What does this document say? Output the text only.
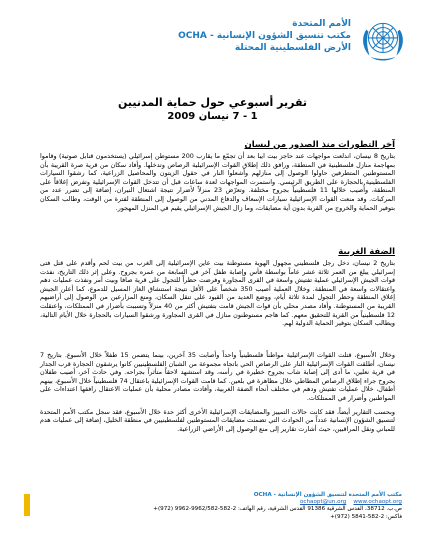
الأمم المتحدة
مكتب تنسيق الشؤون الإنسانية - OCHA
الأرض الفلسطينية المحتلة
تقرير أسبوعي حول حماية المدنيين
1 - 7 نيسان 2009
آخر التطورات منذ الصدور من لبسان

بتاريخ 8 نيسان، اندلعت مواجهات عند حاجز بيت ايبا بعد أن تجمّع ما يقارب 200 مستوطن إسرائيلي (يستخدمون قنابل صوتية) وقاموا بمهاجمة منازل فلسطينية في المنطقة، ورافق ذلك إطلاق القوات الإسرائيلية الرصاص وتدخلها. وأفاد سكان من قرية صرة القريبة بأن المستوطنين المتطرفين حاولوا الوصول إلى منازلهم وأشعلوا النار في حقول الزيتون والمحاصيل الزراعية، كما رشقوا السيارات الفلسطينية بالحجارة على الطريق الرئيسي. واستمرت المواجهات لعدة ساعات قبل أن تتدخل القوات الإسرائيلية وتفرض إغلاقاً على المنطقة، وأُصيب خلالها 11 فلسطينياً بجروح مختلفة. وتعرّض 23 منزلاً لأضرار نتيجة اشتعال النيران، إضافة إلى تضرر عدد من المركبات. وقد منعت القوات الإسرائيلية سيارات الإسعاف والدفاع المدني من الوصول إلى المنطقة لفترة من الوقت، وطالب السكان بتوفير الحماية والخروج من القرية بدون أية مضايقات، وما زال الجيش الإسرائيلي يقيم في المنزل المهجور.

الضفة الغربية

بتاريخ 2 نيسان، دخل رجل فلسطيني مجهول الهوية مستوطنة بيت عاين الإسرائيلية إلى الغرب من بيت لحم وأقدم على قتل فتى إسرائيلي يبلغ من العمر ثلاثة عشر عاماً بواسطة فأس وإصابة طفل آخر في السابعة من عمره بجروح. وعلى إثر ذلك التاريخ، نفذت قوات الجيش الإسرائيلي عملية تفتيش واسعة في القرى المجاورة وفرضت حظراً للتجول على قرية صافا وبيت أمر ونفذت عمليات دهم واعتقالات واسعة في المنطقة. وخلال العملية أصيب 350 شخصاً على الأقل نتيجة استنشاق الغاز المسيل للدموع، كما أعلن الجيش إغلاق المنطقة وحظر التجول لمدة ثلاثة أيام، ووضع العديد من القيود على تنقل السكان، ومنع المزارعين من الوصول إلى أراضيهم القريبة من المستوطنة. وأفاد مصدر محلي بأن قوات الجيش قامت بتفتيش أكثر من 40 منزلاً وتسببت بأضرار في الممتلكات، واعتقلت 12 فلسطينياً من القرية للتحقيق معهم. كما هاجم مستوطنون منازل في القرى المجاورة ورشقوا السيارات بالحجارة خلال الأيام التالية، ويطالب السكان بتوفير الحماية الدولية لهم.

وخلال الأسبوع، قتلت القوات الإسرائيلية مواطناً فلسطينياً واحداً وأصابت 35 آخرين، بينما يتضمن 15 طفلاً خلال الأسبوع. بتاريخ 7 نيسان، أطلقت القوات الإسرائيلية النار على الرصاص الحي باتجاه مجموعة من الشبان الفلسطينيين كانوا يرشقون الحجارة قرب الجدار في قرية نعلين، ما أدى إلى إصابة شاب بجروح خطيرة في رأسه، وقد استشهد لاحقاً متأثراً بجراحه. وفي حادث آخر، أصيب طفلان بجروح جراء إطلاق الرصاص المطاطي خلال مظاهرة في بلعين. كما قامت القوات الإسرائيلية باعتقال 74 فلسطينياً خلال الأسبوع، بينهم أطفال، خلال عمليات تفتيش ودهم في مختلف أنحاء الضفة الغربية، وأفادت مصادر محلية بأن عمليات الاعتقال رافقها اعتداءات على المواطنين وأضرار في الممتلكات.

وبحسب التقارير أيضاً، فقد كانت حالات التمييز والمضايقات الإسرائيلية الأخرى أكثر حدة خلال الأسبوع، فقد سجل مكتب الأمم المتحدة لتنسيق الشؤون الإنسانية عدداً من الحوادث التي تضمنت مضايقات المستوطنين لفلسطينيين في منطقة الخليل، إضافة إلى عمليات هدم للمباني ونقل المراقبين، حيث أشارت تقارير إلى منع الوصول إلى الأراضي الزراعية.

مكتب الأمم المتحدة لتنسيق الشؤون الإنسانية - OCHA
www.ochaopt.org    ochaopt@un.org
ص.ب. 38712، القدس الشرقية 91386 القدس الشرقية، رقم الهاتف: 2-582-9962/582-9962 (972)+
فاكس: 2-582-5841 (972)+
